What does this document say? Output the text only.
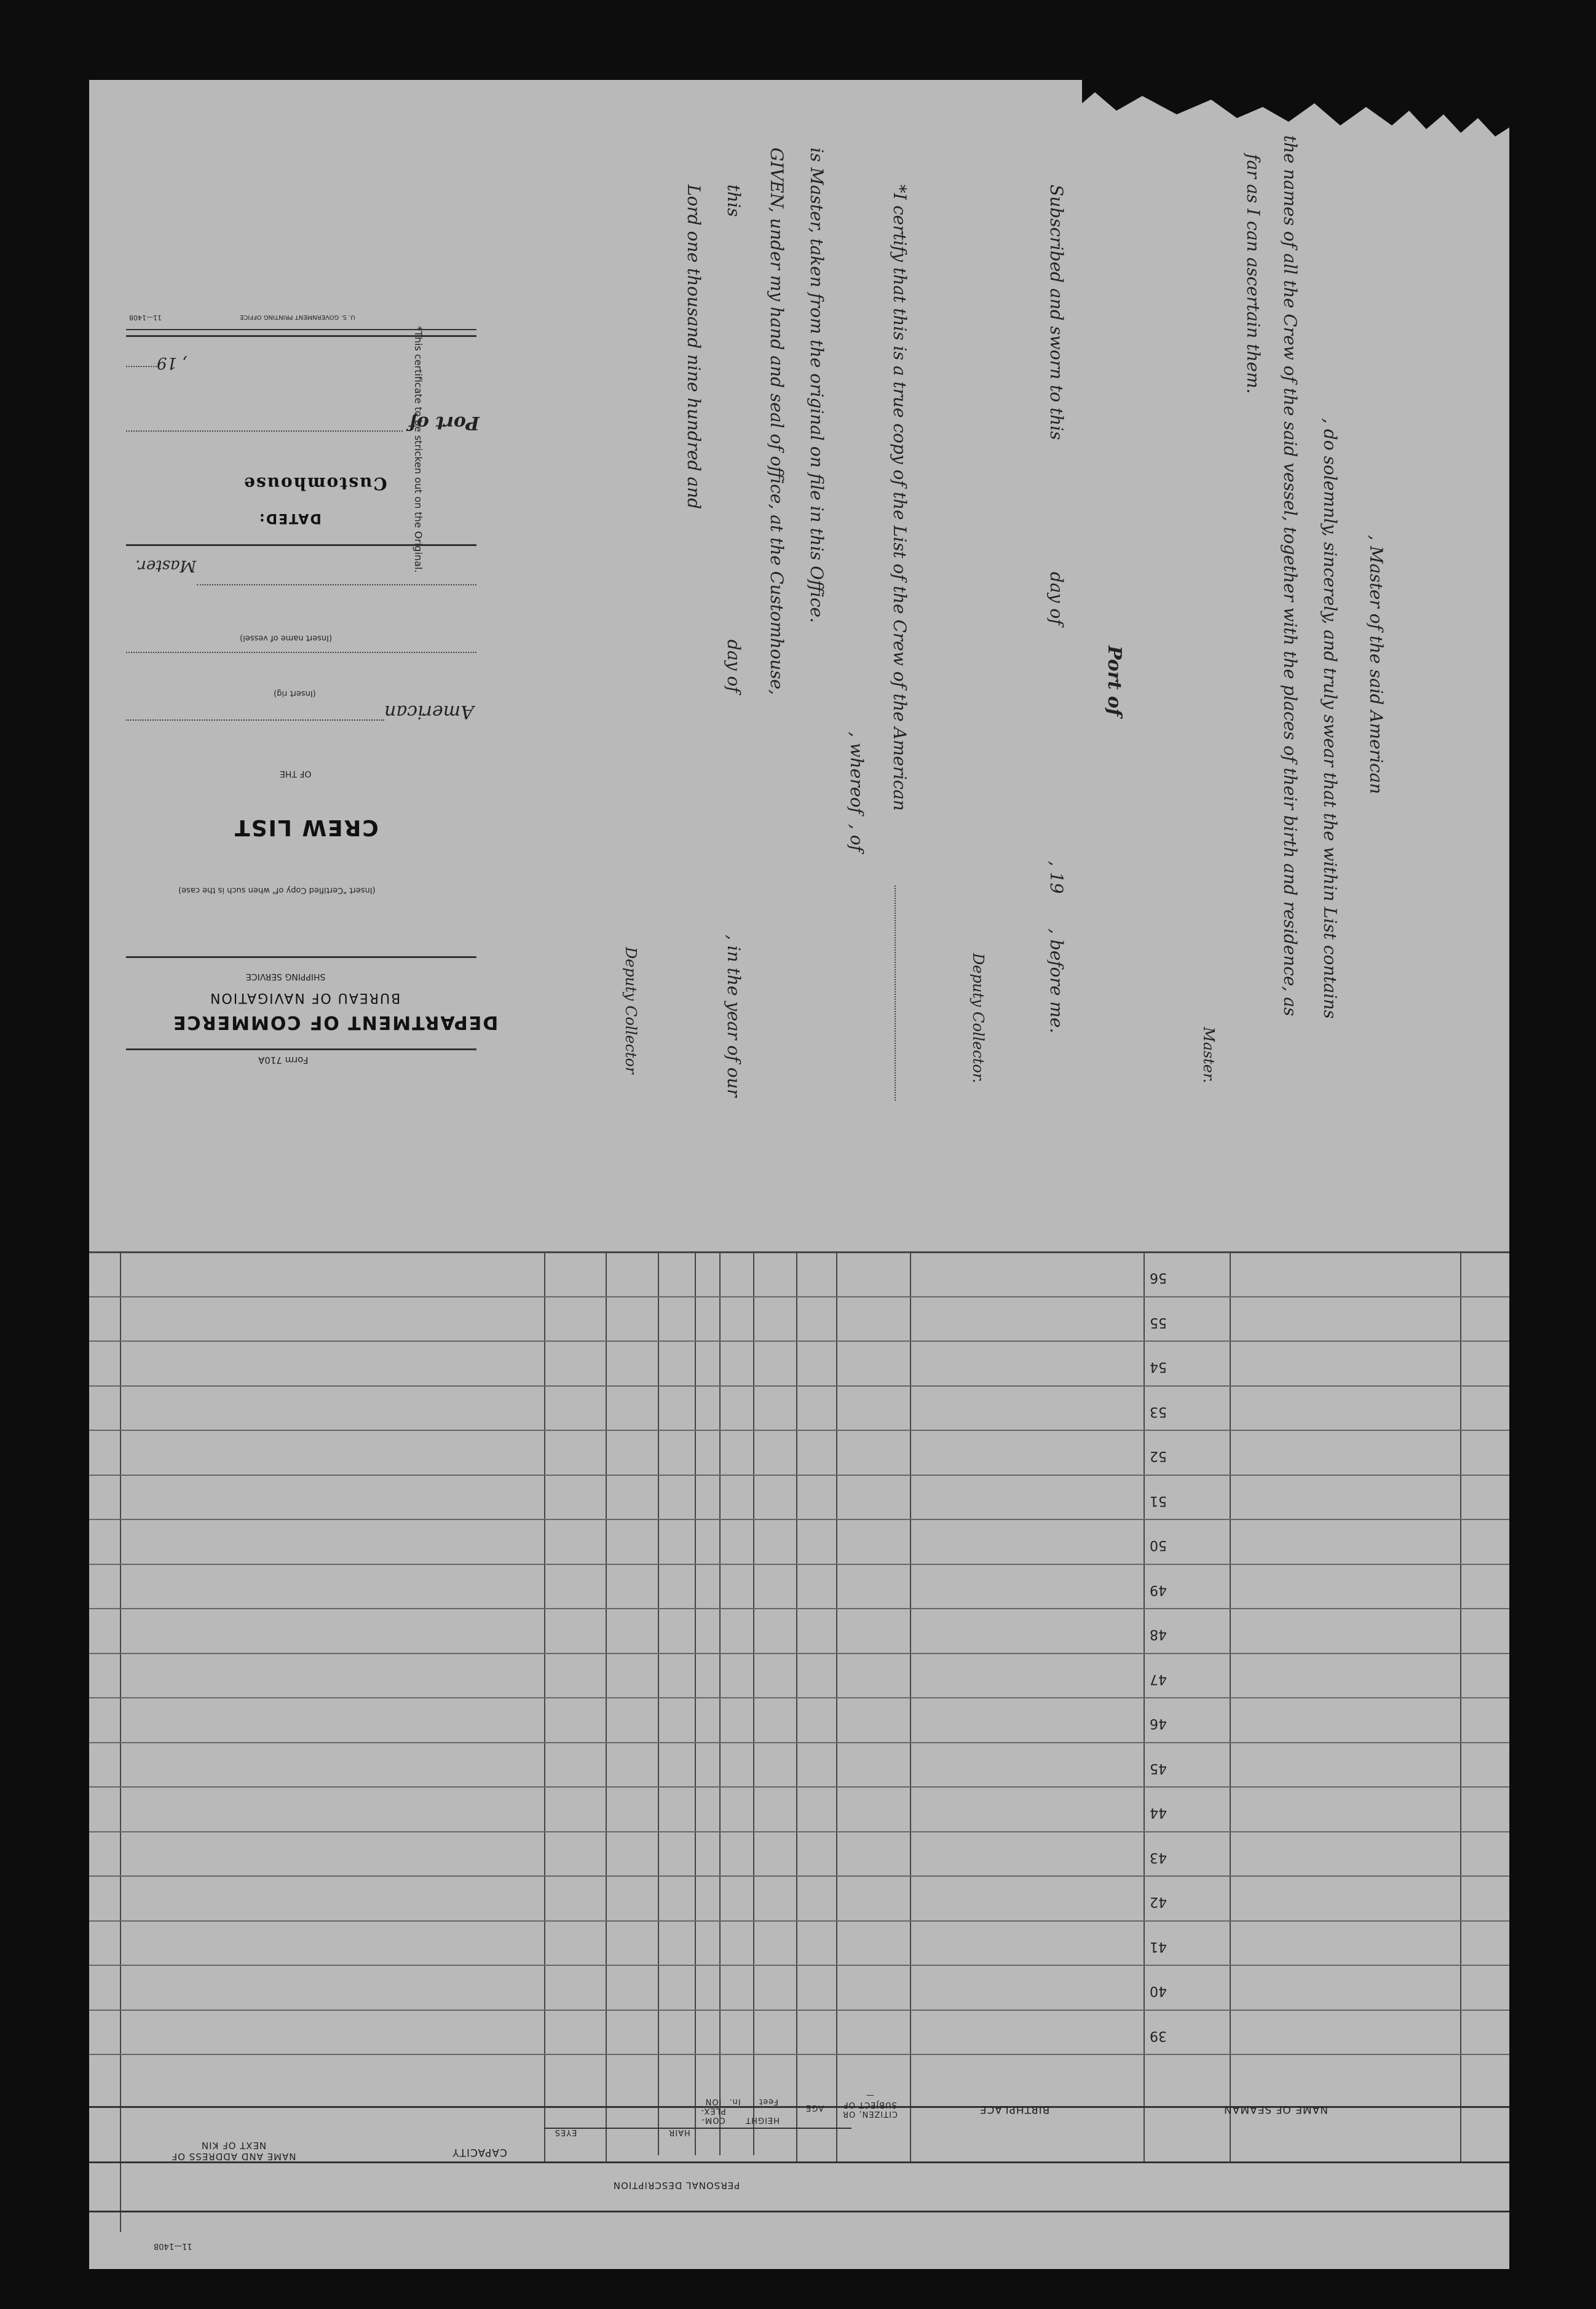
NAME OF SEAMAN
BIRTHPLACE
CITIZEN, OR SUBJECT OF—
AGE
HEIGHT
Feet
In.
COM-PLEX-ION
HAIR
EYES
PERSONAL DESCRIPTION
CAPACITY
NAME AND ADDRESS OF NEXT OF KIN
11—1408
56
55
54
53
52
51
50
49
48
47
46
45
44
43
42
41
40
39
Form 710A
DEPARTMENT OF COMMERCE
BUREAU OF NAVIGATION
SHIPPING SERVICE
(Insert "Certified Copy of" when such is the case)
CREW LIST
OF THE
American
(Insert rig)
(Insert name of vessel)
Master.
DATED:
Customhouse
Port of
, 19
11—1408	U. S. GOVERNMENT PRINTING OFFICE
*This certificate to be stricken out on the Original.	*I certify that this is a true copy of the List of the Crew of the American
, of
, whereof
is Master, taken from the original on file in this Office.
GIVEN, under my hand and seal of office, at the Customhouse,
this
day of
, in the year of our
Lord one thousand nine hundred and
Deputy Collector
, Master of the said American
, do solemnly, sincerely, and truly swear that the within List contains
the names of all the Crew of the said vessel, together with the places of their birth and residence, as
far as I can ascertain them.
Master.
Port of
Subscribed and sworn to this
day of
, 19
, before me.
Deputy Collector.
